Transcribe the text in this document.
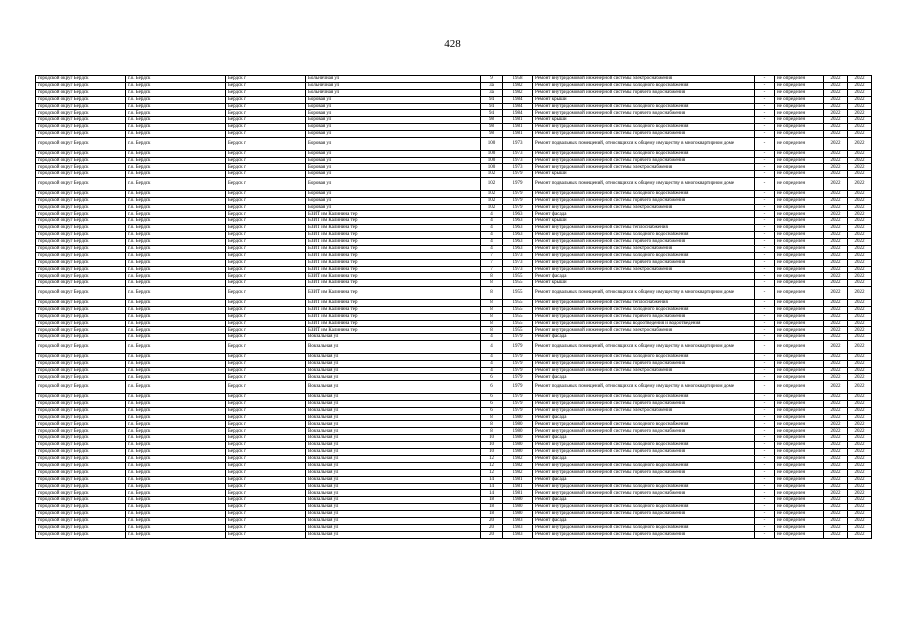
428
городской округ Бердск	г.о. Бердск	Бердск г	Больничная ул	9	1958	Ремонт внутридомовой инженерной системы электроснабжения	-	не определен	2022	2022
городской округ Бердск	г.о. Бердск	Бердск г	Больничная ул	3а	1982	Ремонт внутридомовой инженерной системы холодного водоснабжения	-	не определен	2022	2022
городской округ Бердск	г.о. Бердск	Бердск г	Больничная ул	3а	1982	Ремонт внутридомовой инженерной системы горячего водоснабжения	-	не определен	2022	2022
городской округ Бердск	г.о. Бердск	Бердск г	Боровая ул	94	1984	Ремонт крыши	-	не определен	2022	2022
городской округ Бердск	г.о. Бердск	Бердск г	Боровая ул	94	1984	Ремонт внутридомовой инженерной системы холодного водоснабжения	-	не определен	2022	2022
городской округ Бердск	г.о. Бердск	Бердск г	Боровая ул	94	1984	Ремонт внутридомовой инженерной системы горячего водоснабжения	-	не определен	2022	2022
городской округ Бердск	г.о. Бердск	Бердск г	Боровая ул	98	1981	Ремонт крыши	-	не определен	2022	2022
городской округ Бердск	г.о. Бердск	Бердск г	Боровая ул	98	1981	Ремонт внутридомовой инженерной системы холодного водоснабжения	-	не определен	2022	2022
городской округ Бердск	г.о. Бердск	Бердск г	Боровая ул	98	1981	Ремонт внутридомовой инженерной системы горячего водоснабжения	-	не определен	2022	2022
городской округ Бердск	г.о. Бердск	Бердск г	Боровая ул	100	1973	Ремонт подвальных помещений, относящихся к общему имуществу в многоквартирном доме	-	не определен	2022	2022
городской округ Бердск	г.о. Бердск	Бердск г	Боровая ул	100	1973	Ремонт внутридомовой инженерной системы холодного водоснабжения	-	не определен	2022	2022
городской округ Бердск	г.о. Бердск	Бердск г	Боровая ул	100	1973	Ремонт внутридомовой инженерной системы горячего водоснабжения	-	не определен	2022	2022
городской округ Бердск	г.о. Бердск	Бердск г	Боровая ул	100	1973	Ремонт внутридомовой инженерной системы электроснабжения	-	не определен	2022	2022
городской округ Бердск	г.о. Бердск	Бердск г	Боровая ул	102	1979	Ремонт крыши	-	не определен	2022	2022
городской округ Бердск	г.о. Бердск	Бердск г	Боровая ул	102	1979	Ремонт подвальных помещений, относящихся к общему имуществу в многоквартирном доме	-	не определен	2022	2022
городской округ Бердск	г.о. Бердск	Бердск г	Боровая ул	102	1979	Ремонт внутридомовой инженерной системы холодного водоснабжения	-	не определен	2022	2022
городской округ Бердск	г.о. Бердск	Бердск г	Боровая ул	102	1979	Ремонт внутридомовой инженерной системы горячего водоснабжения	-	не определен	2022	2022
городской округ Бердск	г.о. Бердск	Бердск г	Боровая ул	102	1979	Ремонт внутридомовой инженерной системы электроснабжения	-	не определен	2022	2022
городской округ Бердск	г.о. Бердск	Бердск г	БЗИТ им Калинина тер	4	1963	Ремонт фасада	-	не определен	2022	2022
городской округ Бердск	г.о. Бердск	Бердск г	БЗИТ им Калинина тер	4	1963	Ремонт крыши	-	не определен	2022	2022
городской округ Бердск	г.о. Бердск	Бердск г	БЗИТ им Калинина тер	4	1963	Ремонт внутридомовой инженерной системы теплоснабжения	-	не определен	2022	2022
городской округ Бердск	г.о. Бердск	Бердск г	БЗИТ им Калинина тер	4	1963	Ремонт внутридомовой инженерной системы холодного водоснабжения	-	не определен	2022	2022
городской округ Бердск	г.о. Бердск	Бердск г	БЗИТ им Калинина тер	4	1963	Ремонт внутридомовой инженерной системы горячего водоснабжения	-	не определен	2022	2022
городской округ Бердск	г.о. Бердск	Бердск г	БЗИТ им Калинина тер	4	1963	Ремонт внутридомовой инженерной системы электроснабжения	-	не определен	2022	2022
городской округ Бердск	г.о. Бердск	Бердск г	БЗИТ им Калинина тер	7	1973	Ремонт внутридомовой инженерной системы холодного водоснабжения	-	не определен	2022	2022
городской округ Бердск	г.о. Бердск	Бердск г	БЗИТ им Калинина тер	7	1973	Ремонт внутридомовой инженерной системы горячего водоснабжения	-	не определен	2022	2022
городской округ Бердск	г.о. Бердск	Бердск г	БЗИТ им Калинина тер	7	1973	Ремонт внутридомовой инженерной системы электроснабжения	-	не определен	2022	2022
городской округ Бердск	г.о. Бердск	Бердск г	БЗИТ им Калинина тер	8	1955	Ремонт фасада	-	не определен	2022	2022
городской округ Бердск	г.о. Бердск	Бердск г	БЗИТ им Калинина тер	8	1955	Ремонт крыши	-	не определен	2022	2022
городской округ Бердск	г.о. Бердск	Бердск г	БЗИТ им Калинина тер	8	1955	Ремонт подвальных помещений, относящихся к общему имуществу в многоквартирном доме	-	не определен	2022	2022
городской округ Бердск	г.о. Бердск	Бердск г	БЗИТ им Калинина тер	8	1955	Ремонт внутридомовой инженерной системы теплоснабжения	-	не определен	2022	2022
городской округ Бердск	г.о. Бердск	Бердск г	БЗИТ им Калинина тер	8	1955	Ремонт внутридомовой инженерной системы холодного водоснабжения	-	не определен	2022	2022
городской округ Бердск	г.о. Бердск	Бердск г	БЗИТ им Калинина тер	8	1955	Ремонт внутридомовой инженерной системы горячего водоснабжения	-	не определен	2022	2022
городской округ Бердск	г.о. Бердск	Бердск г	БЗИТ им Калинина тер	8	1955	Ремонт внутридомовой инженерной системы водоотведения и водоотведения	-	не определен	2022	2022
городской округ Бердск	г.о. Бердск	Бердск г	БЗИТ им Калинина тер	8	1955	Ремонт внутридомовой инженерной системы электроснабжения	-	не определен	2022	2022
городской округ Бердск	г.о. Бердск	Бердск г	Вокзальная ул	4	1979	Ремонт фасада	-	не определен	2022	2022
городской округ Бердск	г.о. Бердск	Бердск г	Вокзальная ул	4	1979	Ремонт подвальных помещений, относящихся к общему имуществу в многоквартирном доме	-	не определен	2022	2022
городской округ Бердск	г.о. Бердск	Бердск г	Вокзальная ул	4	1979	Ремонт внутридомовой инженерной системы холодного водоснабжения	-	не определен	2022	2022
городской округ Бердск	г.о. Бердск	Бердск г	Вокзальная ул	4	1979	Ремонт внутридомовой инженерной системы горячего водоснабжения	-	не определен	2022	2022
городской округ Бердск	г.о. Бердск	Бердск г	Вокзальная ул	4	1979	Ремонт внутридомовой инженерной системы электроснабжения	-	не определен	2022	2022
городской округ Бердск	г.о. Бердск	Бердск г	Вокзальная ул	6	1979	Ремонт фасада	-	не определен	2022	2022
городской округ Бердск	г.о. Бердск	Бердск г	Вокзальная ул	6	1979	Ремонт подвальных помещений, относящихся к общему имуществу в многоквартирном доме	-	не определен	2022	2022
городской округ Бердск	г.о. Бердск	Бердск г	Вокзальная ул	6	1979	Ремонт внутридомовой инженерной системы холодного водоснабжения	-	не определен	2022	2022
городской округ Бердск	г.о. Бердск	Бердск г	Вокзальная ул	6	1979	Ремонт внутридомовой инженерной системы горячего водоснабжения	-	не определен	2022	2022
городской округ Бердск	г.о. Бердск	Бердск г	Вокзальная ул	6	1979	Ремонт внутридомовой инженерной системы электроснабжения	-	не определен	2022	2022
городской округ Бердск	г.о. Бердск	Бердск г	Вокзальная ул	8	1980	Ремонт фасада	-	не определен	2022	2022
городской округ Бердск	г.о. Бердск	Бердск г	Вокзальная ул	8	1980	Ремонт внутридомовой инженерной системы холодного водоснабжения	-	не определен	2022	2022
городской округ Бердск	г.о. Бердск	Бердск г	Вокзальная ул	8	1980	Ремонт внутридомовой инженерной системы горячего водоснабжения	-	не определен	2022	2022
городской округ Бердск	г.о. Бердск	Бердск г	Вокзальная ул	10	1980	Ремонт фасада	-	не определен	2022	2022
городской округ Бердск	г.о. Бердск	Бердск г	Вокзальная ул	10	1980	Ремонт внутридомовой инженерной системы холодного водоснабжения	-	не определен	2022	2022
городской округ Бердск	г.о. Бердск	Бердск г	Вокзальная ул	10	1980	Ремонт внутридомовой инженерной системы горячего водоснабжения	-	не определен	2022	2022
городской округ Бердск	г.о. Бердск	Бердск г	Вокзальная ул	12	1982	Ремонт фасада	-	не определен	2022	2022
городской округ Бердск	г.о. Бердск	Бердск г	Вокзальная ул	12	1982	Ремонт внутридомовой инженерной системы холодного водоснабжения	-	не определен	2022	2022
городской округ Бердск	г.о. Бердск	Бердск г	Вокзальная ул	12	1982	Ремонт внутридомовой инженерной системы горячего водоснабжения	-	не определен	2022	2022
городской округ Бердск	г.о. Бердск	Бердск г	Вокзальная ул	14	1981	Ремонт фасада	-	не определен	2022	2022
городской округ Бердск	г.о. Бердск	Бердск г	Вокзальная ул	14	1981	Ремонт внутридомовой инженерной системы холодного водоснабжения	-	не определен	2022	2022
городской округ Бердск	г.о. Бердск	Бердск г	Вокзальная ул	14	1981	Ремонт внутридомовой инженерной системы горячего водоснабжения	-	не определен	2022	2022
городской округ Бердск	г.о. Бердск	Бердск г	Вокзальная ул	18	1980	Ремонт фасада	-	не определен	2022	2022
городской округ Бердск	г.о. Бердск	Бердск г	Вокзальная ул	18	1980	Ремонт внутридомовой инженерной системы холодного водоснабжения	-	не определен	2022	2022
городской округ Бердск	г.о. Бердск	Бердск г	Вокзальная ул	18	1980	Ремонт внутридомовой инженерной системы горячего водоснабжения	-	не определен	2022	2022
городской округ Бердск	г.о. Бердск	Бердск г	Вокзальная ул	20	1983	Ремонт фасада	-	не определен	2022	2022
городской округ Бердск	г.о. Бердск	Бердск г	Вокзальная ул	20	1983	Ремонт внутридомовой инженерной системы холодного водоснабжения	-	не определен	2022	2022
городской округ Бердск	г.о. Бердск	Бердск г	Вокзальная ул	20	1983	Ремонт внутридомовой инженерной системы горячего водоснабжения	-	не определен	2022	2022
